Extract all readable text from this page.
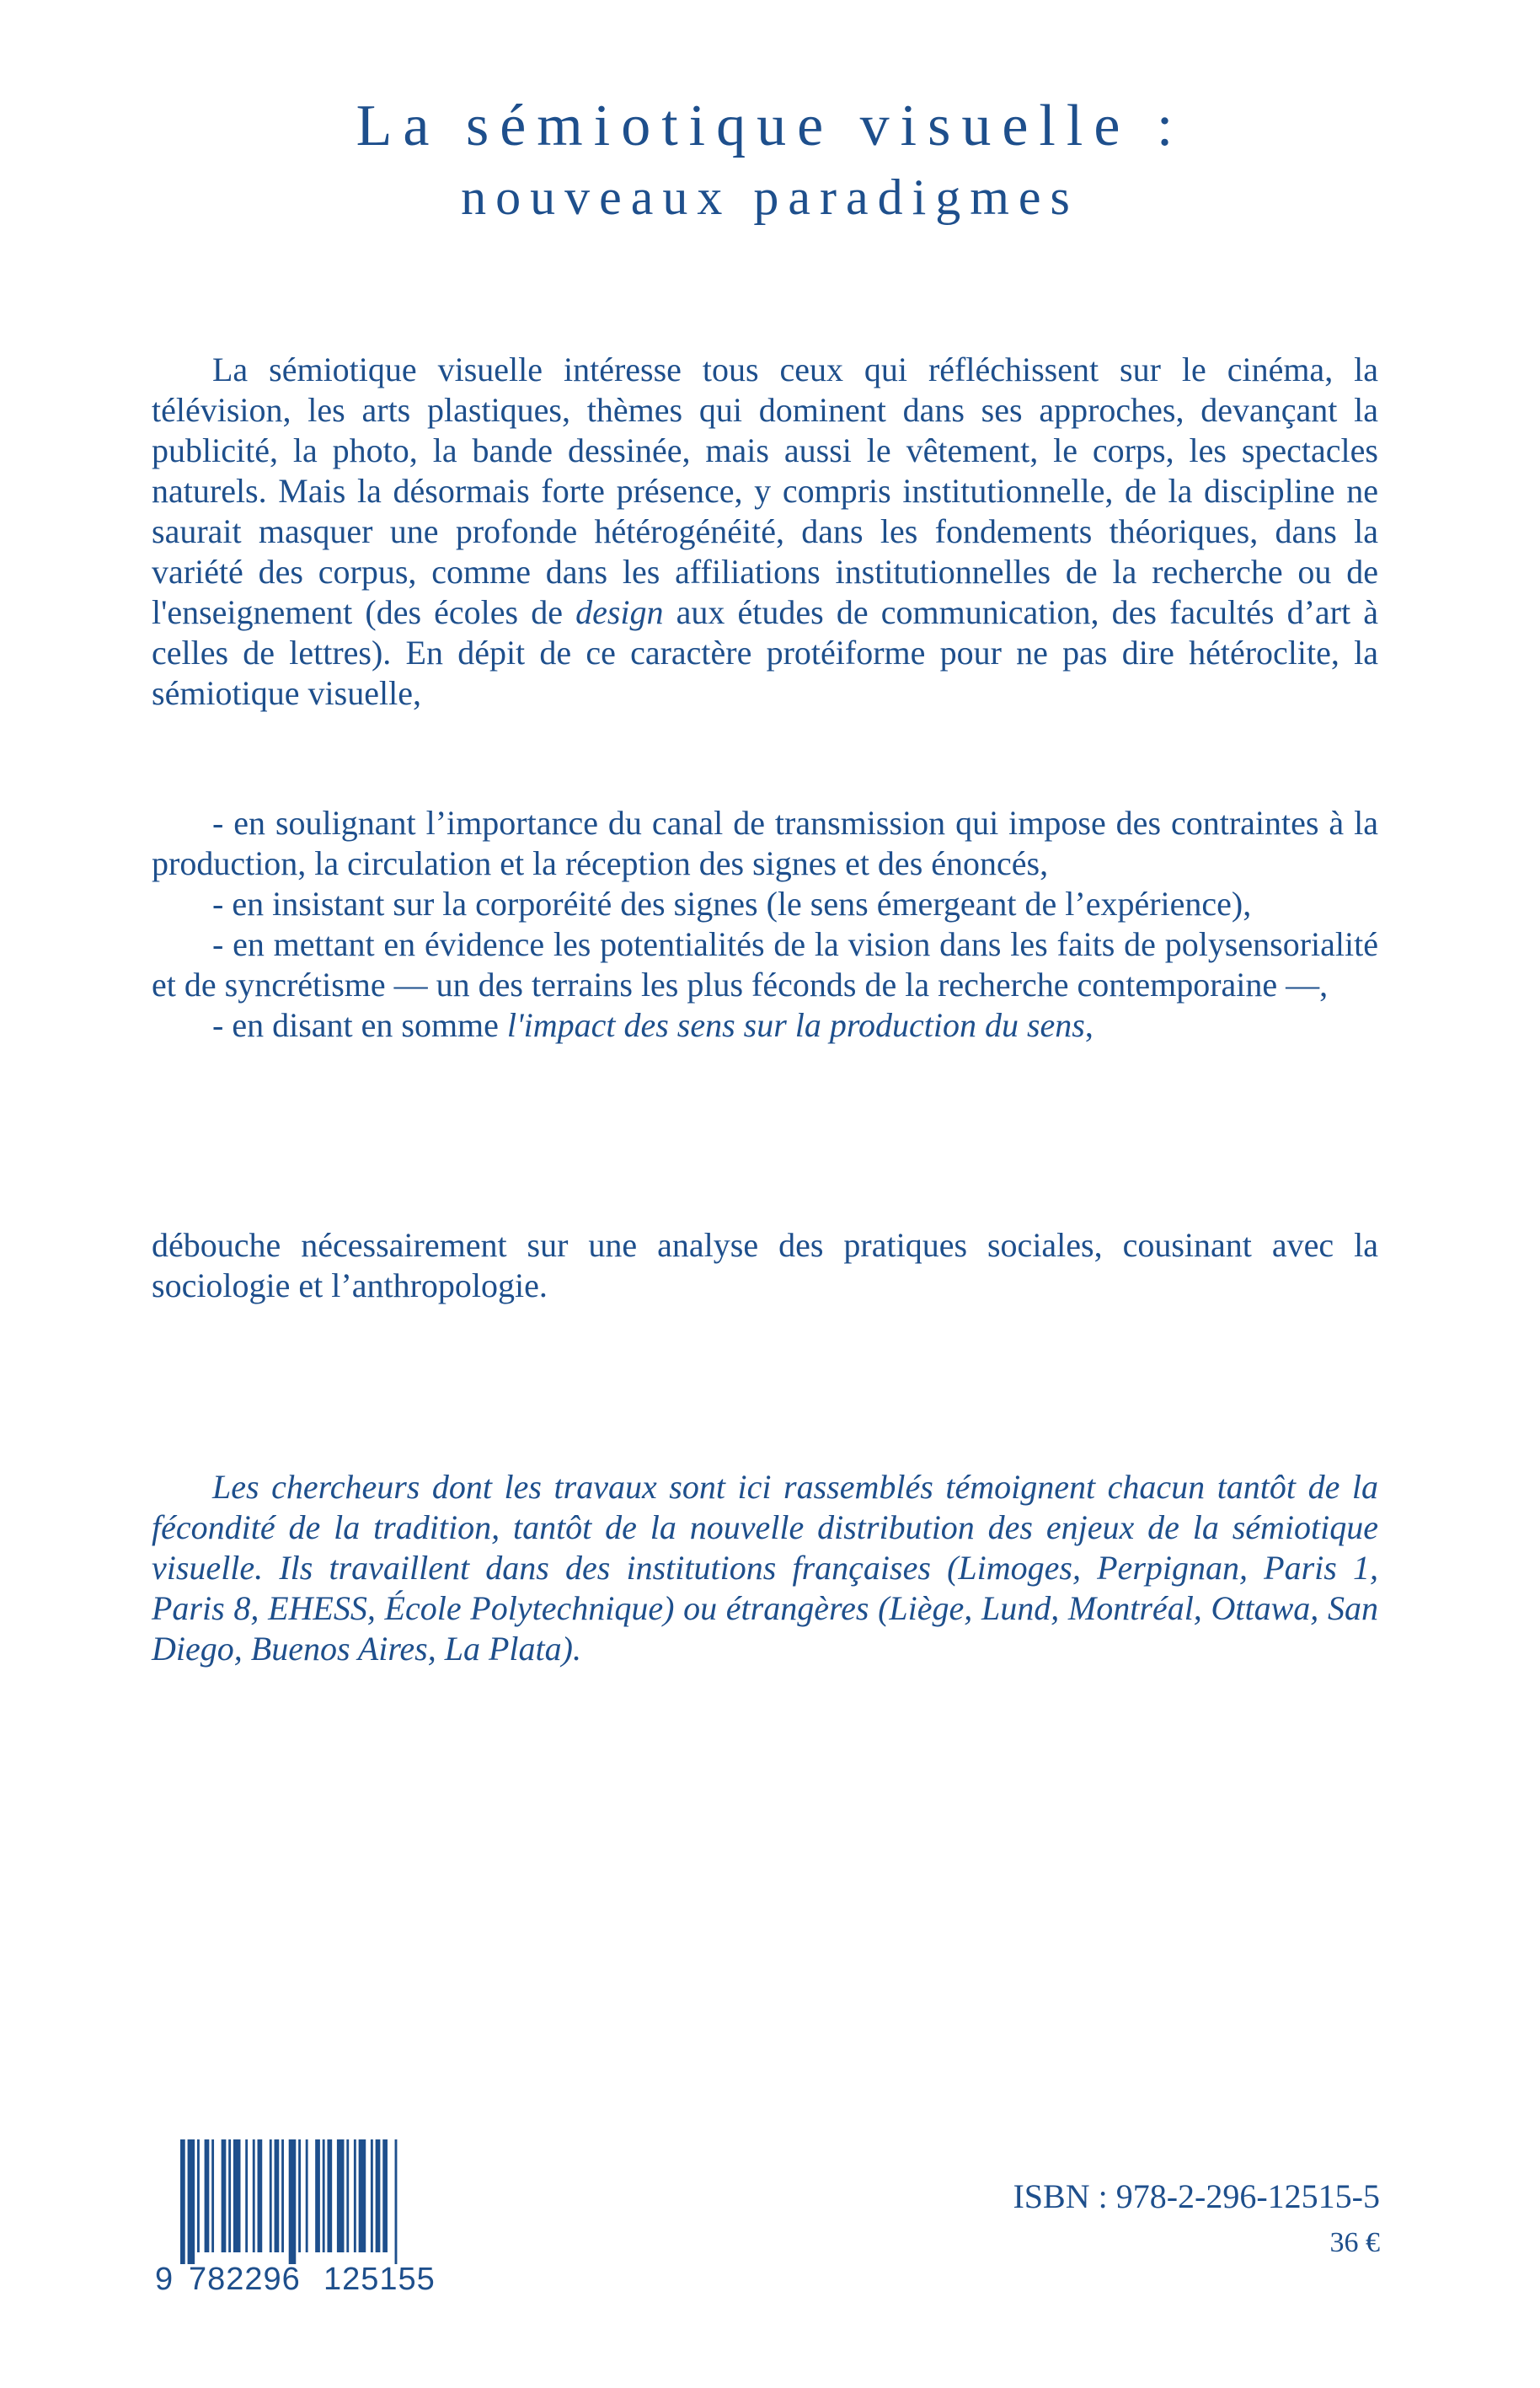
La sémiotique visuelle :
nouveaux paradigmes

La sémiotique visuelle intéresse tous ceux qui réfléchissent sur le cinéma, la télévision, les arts plastiques, thèmes qui dominent dans ses approches, devançant la publicité, la photo, la bande dessinée, mais aussi le vêtement, le corps, les spectacles naturels. Mais la désormais forte présence, y compris institutionnelle, de la discipline ne saurait masquer une profonde hétérogénéité, dans les fondements théoriques, dans la variété des corpus, comme dans les affiliations institutionnelles de la recherche ou de l'enseignement (des écoles de design aux études de communication, des facultés d’art à celles de lettres). En dépit de ce caractère protéiforme pour ne pas dire hétéroclite, la sémiotique visuelle,

- en soulignant l’importance du canal de transmission qui impose des contraintes à la production, la circulation et la réception des signes et des énoncés,

- en insistant sur la corporéité des signes (le sens émergeant de l’expérience),

- en mettant en évidence les potentialités de la vision dans les faits de polysensorialité et de syncrétisme — un des terrains les plus féconds de la recherche contemporaine —,

- en disant en somme l'impact des sens sur la production du sens,

débouche nécessairement sur une analyse des pratiques sociales, cousinant avec la sociologie et l’anthropologie.

Les chercheurs dont les travaux sont ici rassemblés témoignent chacun tantôt de la fécondité de la tradition, tantôt de la nouvelle distribution des enjeux de la sémiotique visuelle. Ils travaillent dans des institutions françaises (Limoges, Perpignan, Paris 1, Paris 8, EHESS, École Polytechnique) ou étrangères (Liège, Lund, Montréal, Ottawa, San Diego, Buenos Aires, La Plata).

9 782296 125155
ISBN : 978-2-296-12515-5
36 €
